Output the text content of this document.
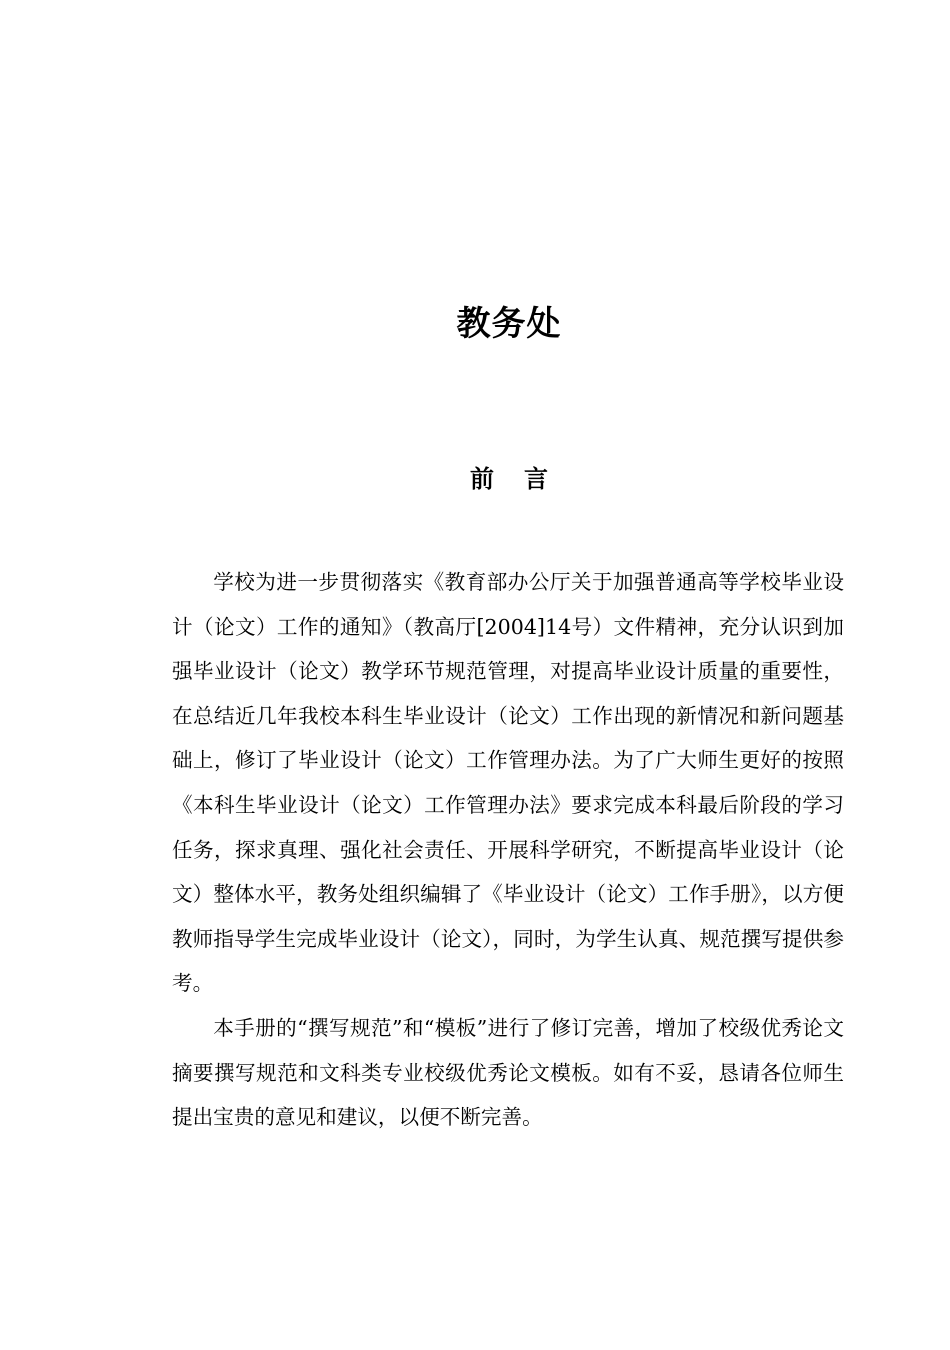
教务处
前 言

学校为进一步贯彻落实《教育部办公厅关于加强普通高等学校毕业设计（论文）工作的通知》（教高厅[2004]14号）文件精神，充分认识到加强毕业设计（论文）教学环节规范管理，对提高毕业设计质量的重要性，在总结近几年我校本科生毕业设计（论文）工作出现的新情况和新问题基础上，修订了毕业设计（论文）工作管理办法。为了广大师生更好的按照《本科生毕业设计（论文）工作管理办法》要求完成本科最后阶段的学习任务，探求真理、强化社会责任、开展科学研究，不断提高毕业设计（论文）整体水平，教务处组织编辑了《毕业设计（论文）工作手册》，以方便教师指导学生完成毕业设计（论文），同时，为学生认真、规范撰写提供参考。

本手册的“撰写规范”和“模板”进行了修订完善，增加了校级优秀论文摘要撰写规范和文科类专业校级优秀论文模板。如有不妥，恳请各位师生提出宝贵的意见和建议，以便不断完善。
